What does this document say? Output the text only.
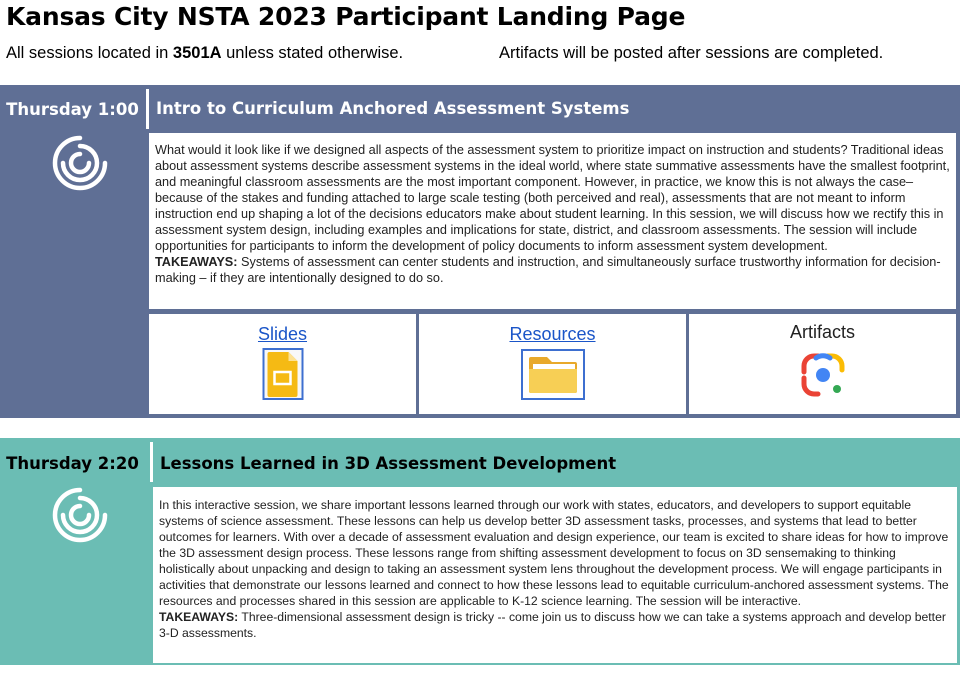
Kansas City NSTA 2023 Participant Landing Page
All sessions located in 3501A unless stated otherwise.	Artifacts will be posted after sessions are completed.
Thursday 1:00	Intro to Curriculum Anchored Assessment Systems

What would it look like if we designed all aspects of the assessment system to prioritize impact on instruction and students? Traditional ideas about assessment systems describe assessment systems in the ideal world, where state summative assessments have the smallest footprint, and meaningful classroom assessments are the most important component. However, in practice, we know this is not always the case–because of the stakes and funding attached to large scale testing (both perceived and real), assessments that are not meant to inform instruction end up shaping a lot of the decisions educators make about student learning. In this session, we will discuss how we rectify this in assessment system design, including examples and implications for state, district, and classroom assessments. The session will include opportunities for participants to inform the development of policy documents to inform assessment system development.

TAKEAWAYS: Systems of assessment can center students and instruction, and simultaneously surface trustworthy information for decision-making – if they are intentionally designed to do so.

Slides	Resources	Artifacts
Thursday 2:20	Lessons Learned in 3D Assessment Development

In this interactive session, we share important lessons learned through our work with states, educators, and developers to support equitable systems of science assessment. These lessons can help us develop better 3D assessment tasks, processes, and systems that lead to better outcomes for learners. With over a decade of assessment evaluation and design experience, our team is excited to share ideas for how to improve the 3D assessment design process. These lessons range from shifting assessment development to focus on 3D sensemaking to thinking holistically about unpacking and design to taking an assessment system lens throughout the development process. We will engage participants in activities that demonstrate our lessons learned and connect to how these lessons lead to equitable curriculum-anchored assessment systems. The resources and processes shared in this session are applicable to K-12 science learning. The session will be interactive.

TAKEAWAYS: Three-dimensional assessment design is tricky -- come join us to discuss how we can take a systems approach and develop better 3-D assessments.
